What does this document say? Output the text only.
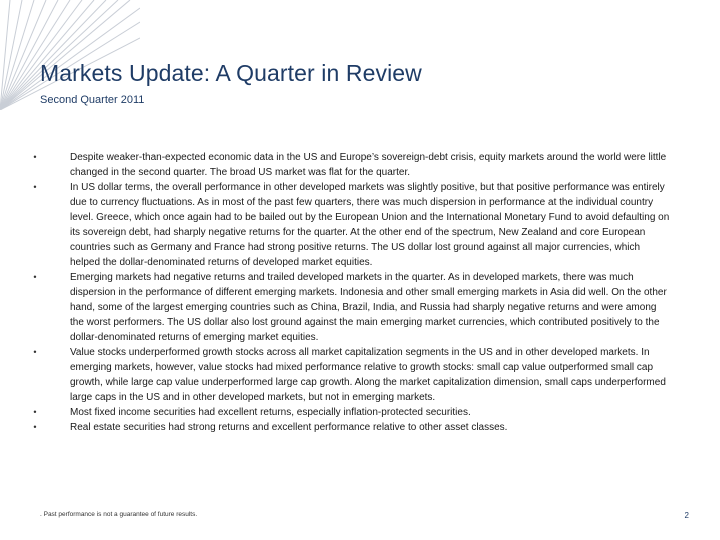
Markets Update: A Quarter in Review
Second Quarter 2011
•	Despite weaker-than-expected economic data in the US and Europe’s sovereign-debt crisis, equity markets around the world were little changed in the second quarter. The broad US market was flat for the quarter.
•	In US dollar terms, the overall performance in other developed markets was slightly positive, but that positive performance was entirely due to currency fluctuations. As in most of the past few quarters, there was much dispersion in performance at the individual country level. Greece, which once again had to be bailed out by the European Union and the International Monetary Fund to avoid defaulting on its sovereign debt, had sharply negative returns for the quarter. At the other end of the spectrum, New Zealand and core European countries such as Germany and France had strong positive returns. The US dollar lost ground against all major currencies, which helped the dollar-denominated returns of developed market equities.
•	Emerging markets had negative returns and trailed developed markets in the quarter. As in developed markets, there was much dispersion in the performance of different emerging markets. Indonesia and other small emerging markets in Asia did well. On the other hand, some of the largest emerging countries such as China, Brazil, India, and Russia had sharply negative returns and were among the worst performers. The US dollar also lost ground against the main emerging market currencies, which contributed positively to the dollar-denominated returns of emerging market equities.
•	Value stocks underperformed growth stocks across all market capitalization segments in the US and in other developed markets. In emerging markets, however, value stocks had mixed performance relative to growth stocks: small cap value outperformed small cap growth, while large cap value underperformed large cap growth. Along the market capitalization dimension, small caps underperformed large caps in the US and in other developed markets, but not in emerging markets.
•	Most fixed income securities had excellent returns, especially inflation-protected securities.
•	Real estate securities had strong returns and excellent performance relative to other asset classes.
. Past performance is not a guarantee of future results.	2
